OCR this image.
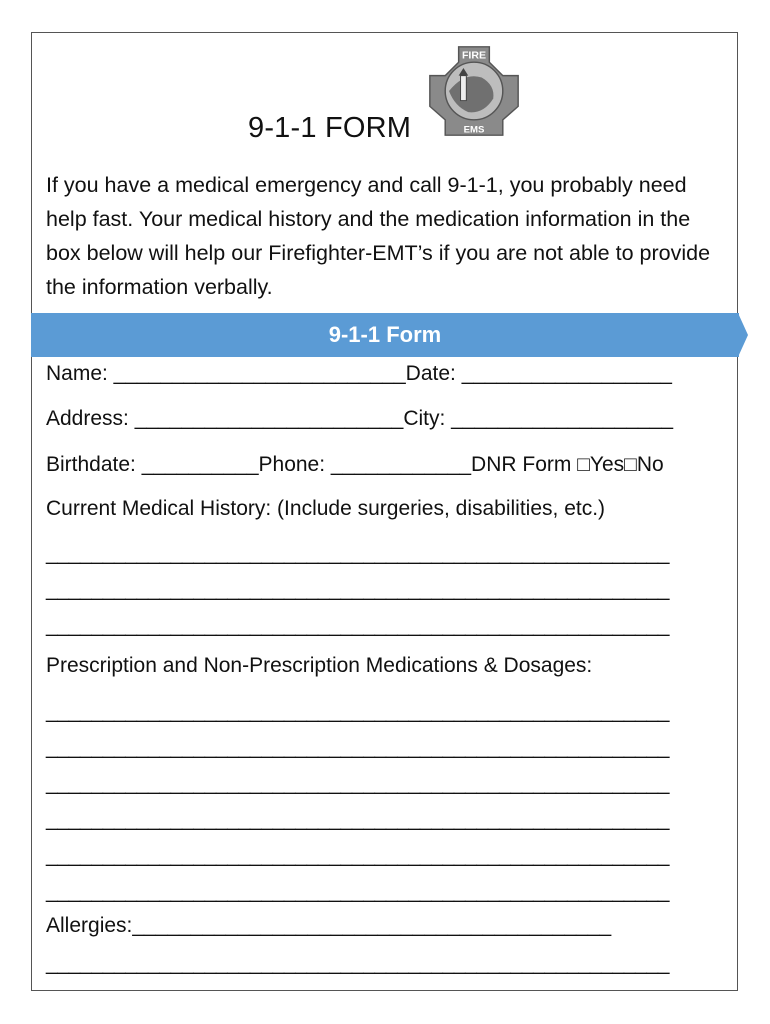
FIRE
EMS
9-1-1 FORM
If you have a medical emergency and call 9-1-1, you probably need help fast. Your medical history and the medication information in the box below will help our Firefighter-EMT’s if you are not able to provide the information verbally.
9-1-1 Form
Name: _________________________Date: __________________
Address: _______________________City: ___________________
Birthdate: __________Phone: ____________DNR Form □Yes□No
Current Medical History: (Include surgeries, disabilities, etc.)
_______________________________________________________
_______________________________________________________
_______________________________________________________
Prescription and Non-Prescription Medications & Dosages:
_______________________________________________________
_______________________________________________________
_______________________________________________________
_______________________________________________________
_______________________________________________________
_______________________________________________________
Allergies:_________________________________________
_______________________________________________________
